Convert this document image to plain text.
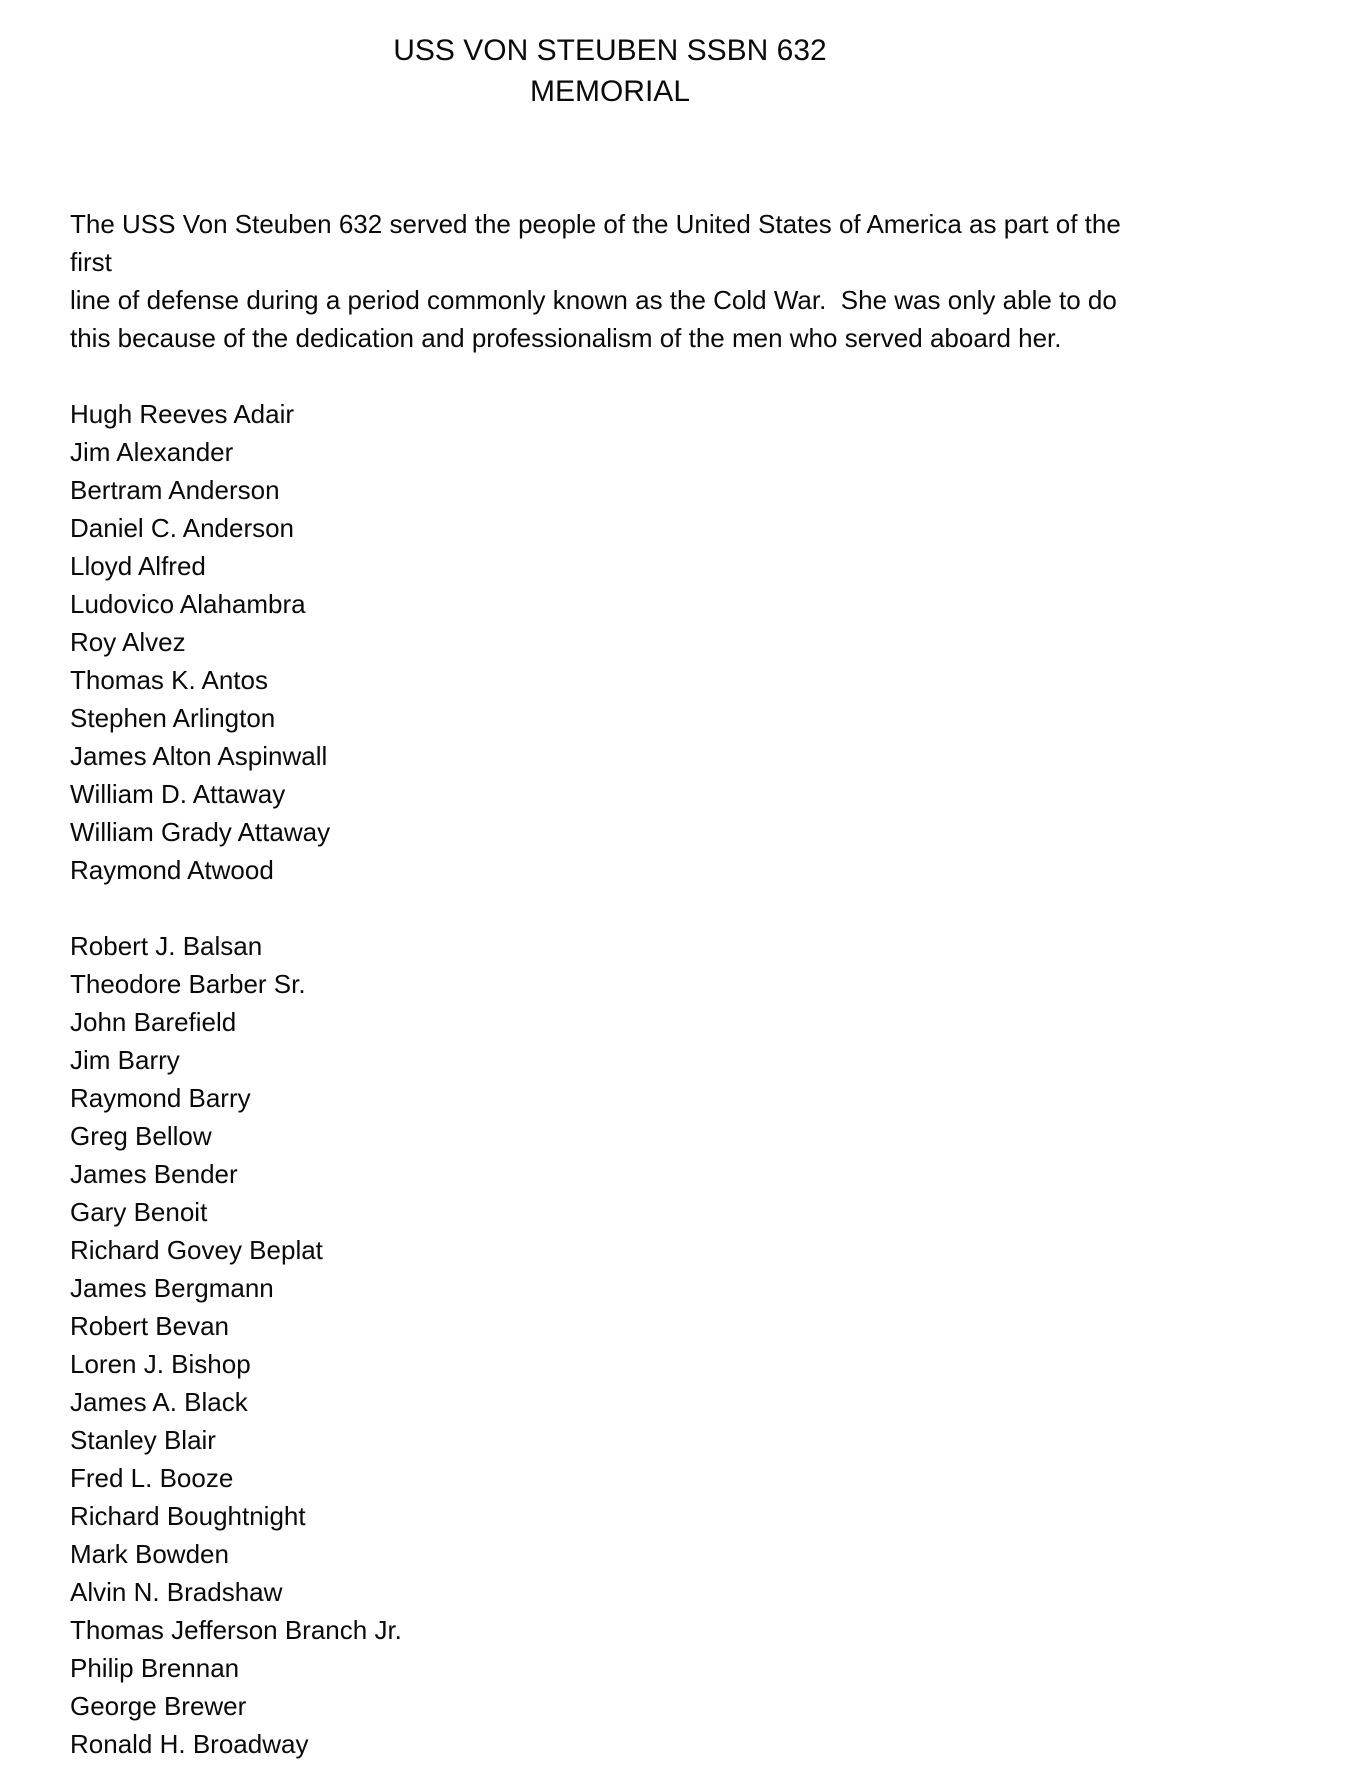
USS VON STEUBEN SSBN 632
MEMORIAL
The USS Von Steuben 632 served the people of the United States of America as part of the first
line of defense during a period commonly known as the Cold War.  She was only able to do
this because of the dedication and professionalism of the men who served aboard her.
Hugh Reeves Adair
Jim Alexander
Bertram Anderson
Daniel C. Anderson
Lloyd Alfred
Ludovico Alahambra
Roy Alvez
Thomas K. Antos
Stephen Arlington
James Alton Aspinwall
William D. Attaway
William Grady Attaway
Raymond Atwood
Robert J. Balsan
Theodore Barber Sr.
John Barefield
Jim Barry
Raymond Barry
Greg Bellow
James Bender
Gary Benoit
Richard Govey Beplat
James Bergmann
Robert Bevan
Loren J. Bishop
James A. Black
Stanley Blair
Fred L. Booze
Richard Boughtnight
Mark Bowden
Alvin N. Bradshaw
Thomas Jefferson Branch Jr.
Philip Brennan
George Brewer
Ronald H. Broadway
